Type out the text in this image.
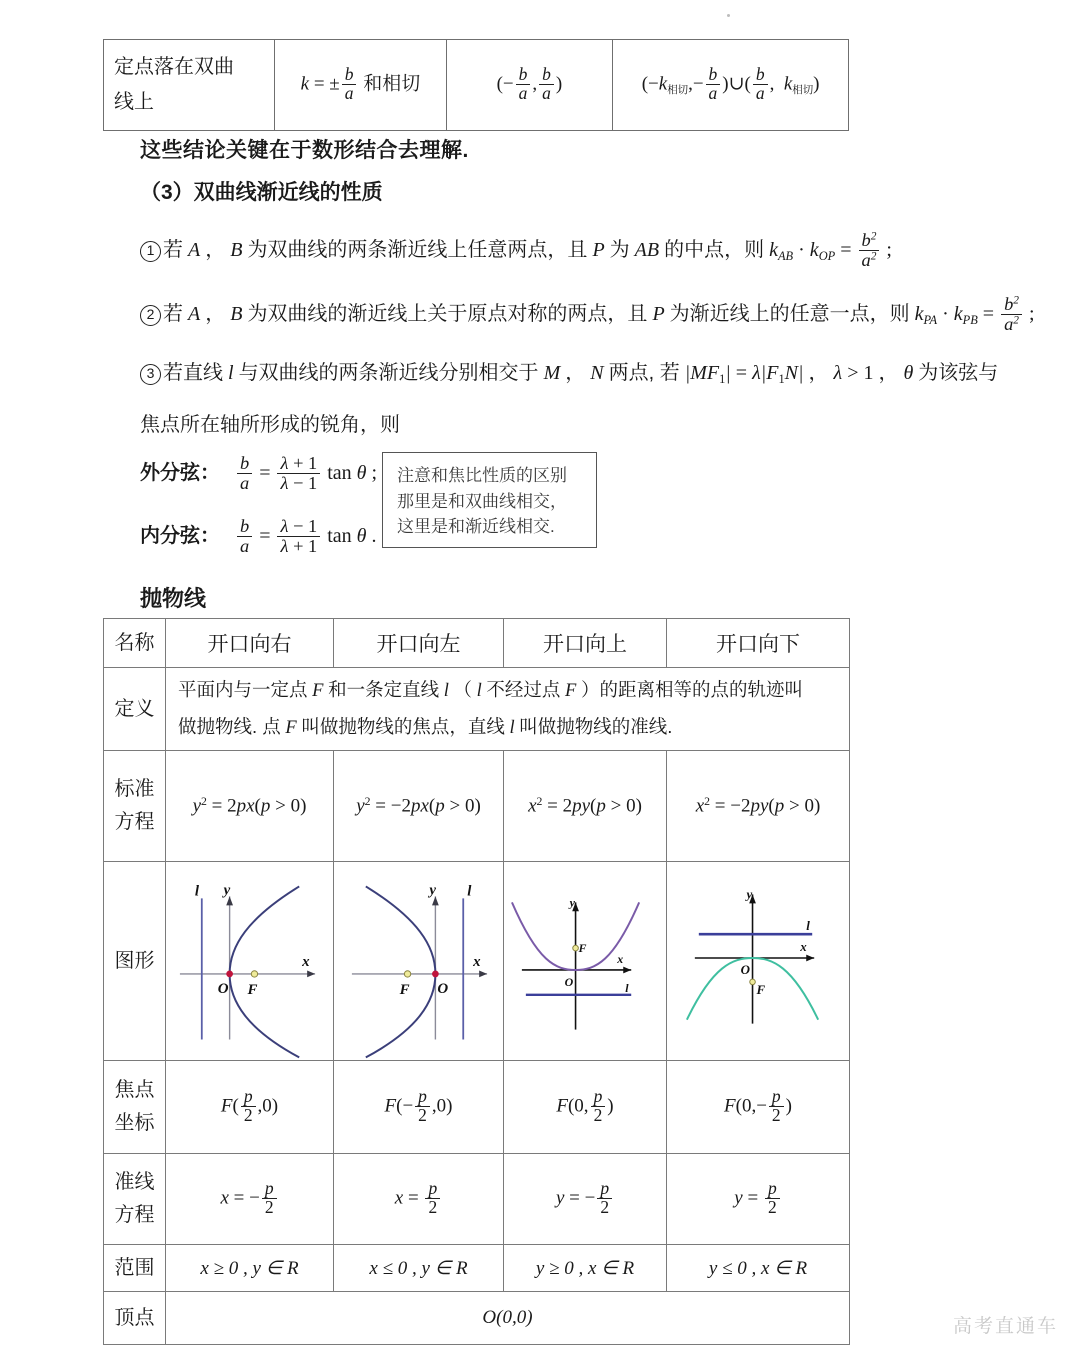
定点落在双曲
线上	k = ± $\frac{b}{a}$ 和相切	(− $\frac{b}{a}$ , $\frac{b}{a}$ )	(−k相切,− $\frac{b}{a}$ )∪( $\frac{b}{a}$ ,  k相切)
这些结论关键在于数形结合去理解.
（3）双曲线渐近线的性质
1 若 A ， B 为双曲线的两条渐近线上任意两点，且 P 为 AB 的中点，则 $k_{AB} \cdot k_{OP} = \frac{b^2}{a^2}$ ;
2 若 A ， B 为双曲线的渐近线上关于原点对称的两点，且 P 为渐近线上的任意一点，则 $k_{PA} \cdot k_{PB} = \frac{b^2}{a^2}$ ;
3 若直线 l 与双曲线的两条渐近线分别相交于 M ， N 两点, 若 $|MF_1| = \lambda|F_1N|$ ， λ > 1 ， θ 为该弦与
焦点所在轴所形成的锐角，则
外分弦： $\frac{b}{a} = \frac{\lambda + 1}{\lambda - 1}$ tan θ ;
内分弦： $\frac{b}{a} = \frac{\lambda - 1}{\lambda + 1}$ tan θ .
注意和焦比性质的区别
那里是和双曲线相交，
这里是和渐近线相交.
抛物线
名称	开口向右	开口向左	开口向上	开口向下
定义	平面内与一定点 F 和一条定直线 l （ l 不经过点 F ）的距离相等的点的轨迹叫
做抛物线. 点 F 叫做抛物线的焦点，直线 l 叫做抛物线的准线.			

标准
方程	$y^2 = 2px(p > 0)$	$y^2 = -2px(p > 0)$	$x^2 = 2py(p > 0)$	$x^2 = -2py(p > 0)$
图形	l y
x
O F	l
y
x
O
F	y
x
O
F
l	y
x
O
F
l

焦点
坐标	$F( \frac{p}{2} ,0)$	$F(- \frac{p}{2} ,0)$	F(0, $\frac{p}{2}$ )	$F(0,- \frac{p}{2}$ )
准线
方程	x = − $\frac{p}{2}$	$x = \frac{p}{2}$	y = − $\frac{p}{2}$	$y = \frac{p}{2}$

范围	x ≥ 0 , y ∈ R	x ≤ 0 , y ∈ R	y ≥ 0 , x ∈ R	y ≤ 0 , x ∈ R
顶点	O(0,0)				高考直通车
